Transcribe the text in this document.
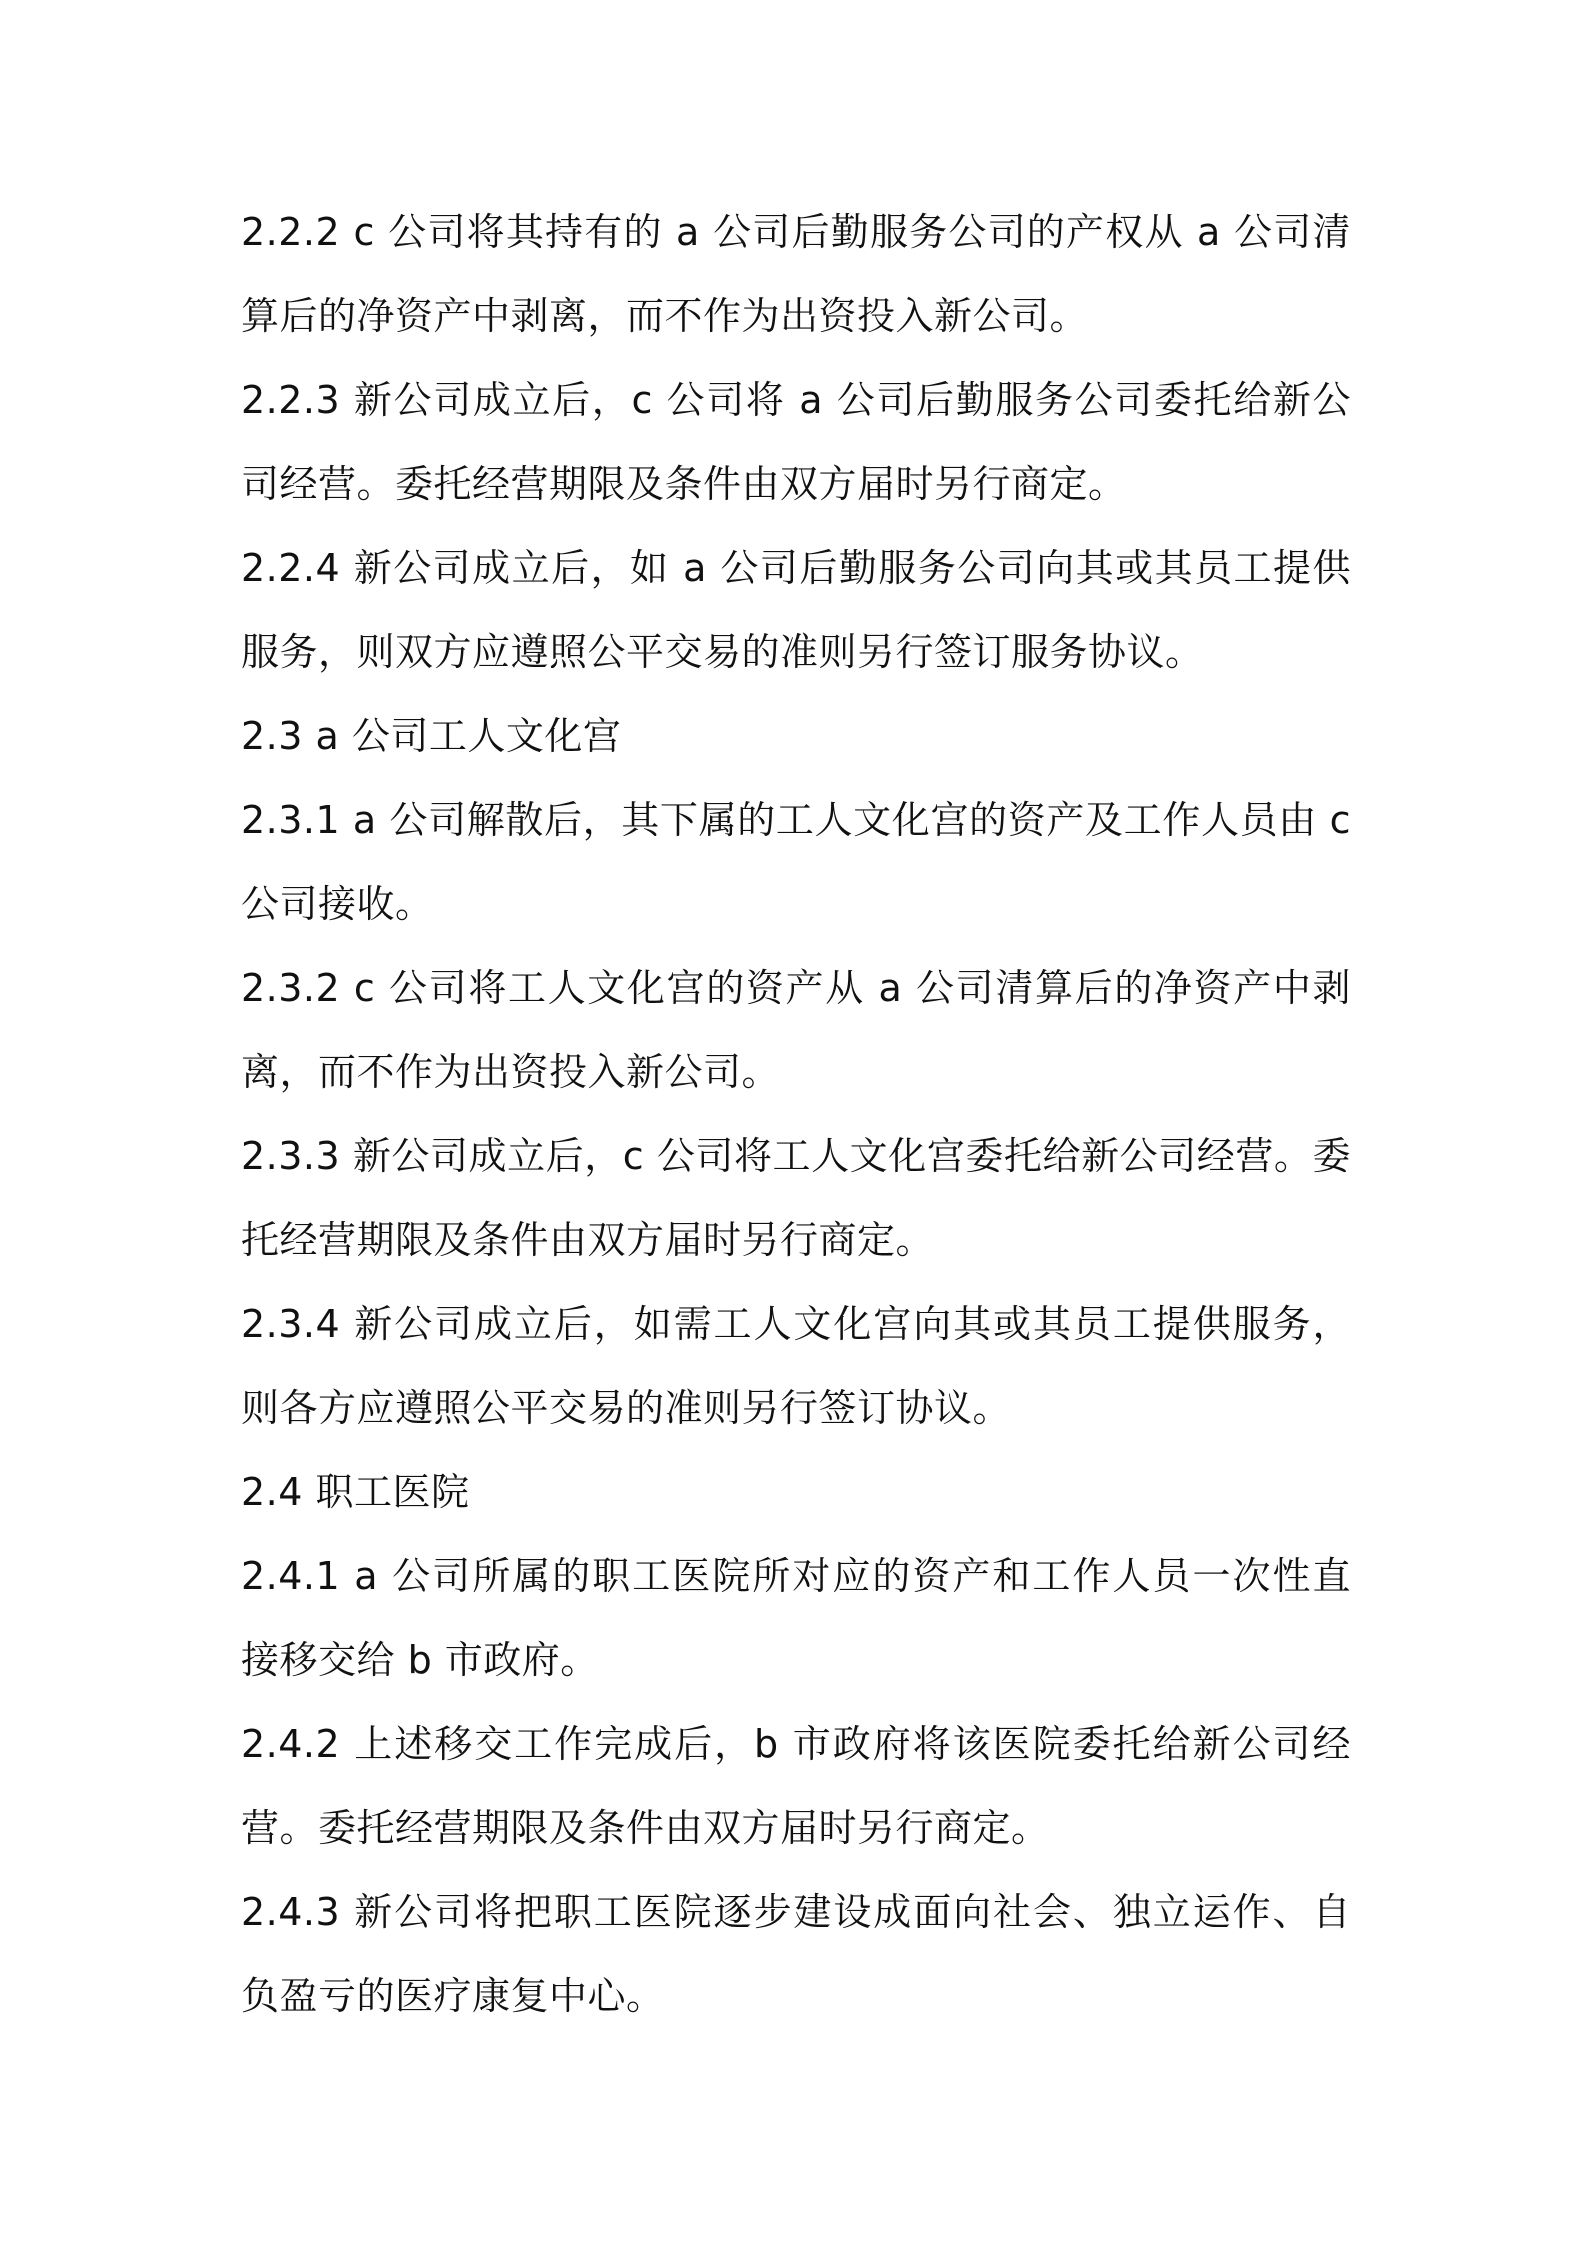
2.2.2 c 公司将其持有的 a 公司后勤服务公司的产权从 a 公司清算后的净资产中剥离，而不作为出资投入新公司。

2.2.3 新公司成立后，c 公司将 a 公司后勤服务公司委托给新公司经营。委托经营期限及条件由双方届时另行商定。

2.2.4 新公司成立后，如 a 公司后勤服务公司向其或其员工提供服务，则双方应遵照公平交易的准则另行签订服务协议。

2.3 a 公司工人文化宫

2.3.1 a 公司解散后，其下属的工人文化宫的资产及工作人员由 c 公司接收。

2.3.2 c 公司将工人文化宫的资产从 a 公司清算后的净资产中剥离，而不作为出资投入新公司。

2.3.3 新公司成立后，c 公司将工人文化宫委托给新公司经营。委托经营期限及条件由双方届时另行商定。

2.3.4 新公司成立后，如需工人文化宫向其或其员工提供服务，则各方应遵照公平交易的准则另行签订协议。

2.4 职工医院

2.4.1 a 公司所属的职工医院所对应的资产和工作人员一次性直接移交给 b 市政府。

2.4.2 上述移交工作完成后，b 市政府将该医院委托给新公司经营。委托经营期限及条件由双方届时另行商定。

2.4.3 新公司将把职工医院逐步建设成面向社会、独立运作、自负盈亏的医疗康复中心。
